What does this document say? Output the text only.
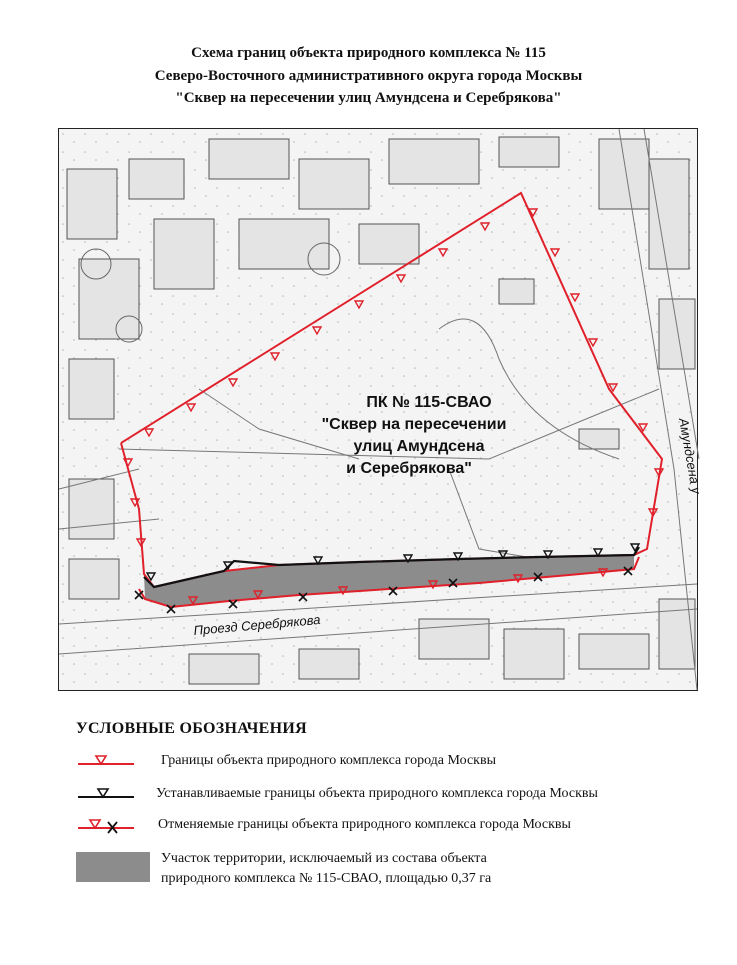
Схема границ объекта природного комплекса № 115
Северо-Восточного административного округа города Москвы
"Сквер на пересечении улиц Амундсена и Серебрякова"
ПК № 115-СВАО
"Сквер на пересечении
улиц Амундсена
и Серебрякова"
Проезд Серебрякова
Амундсена у
УСЛОВНЫЕ ОБОЗНАЧЕНИЯ
Границы объекта природного комплекса города Москвы
Устанавливаемые границы объекта природного комплекса города Москвы
Отменяемые границы объекта природного комплекса города Москвы
Участок территории, исключаемый из состава объекта
природного комплекса № 115-СВАО, площадью 0,37 га
